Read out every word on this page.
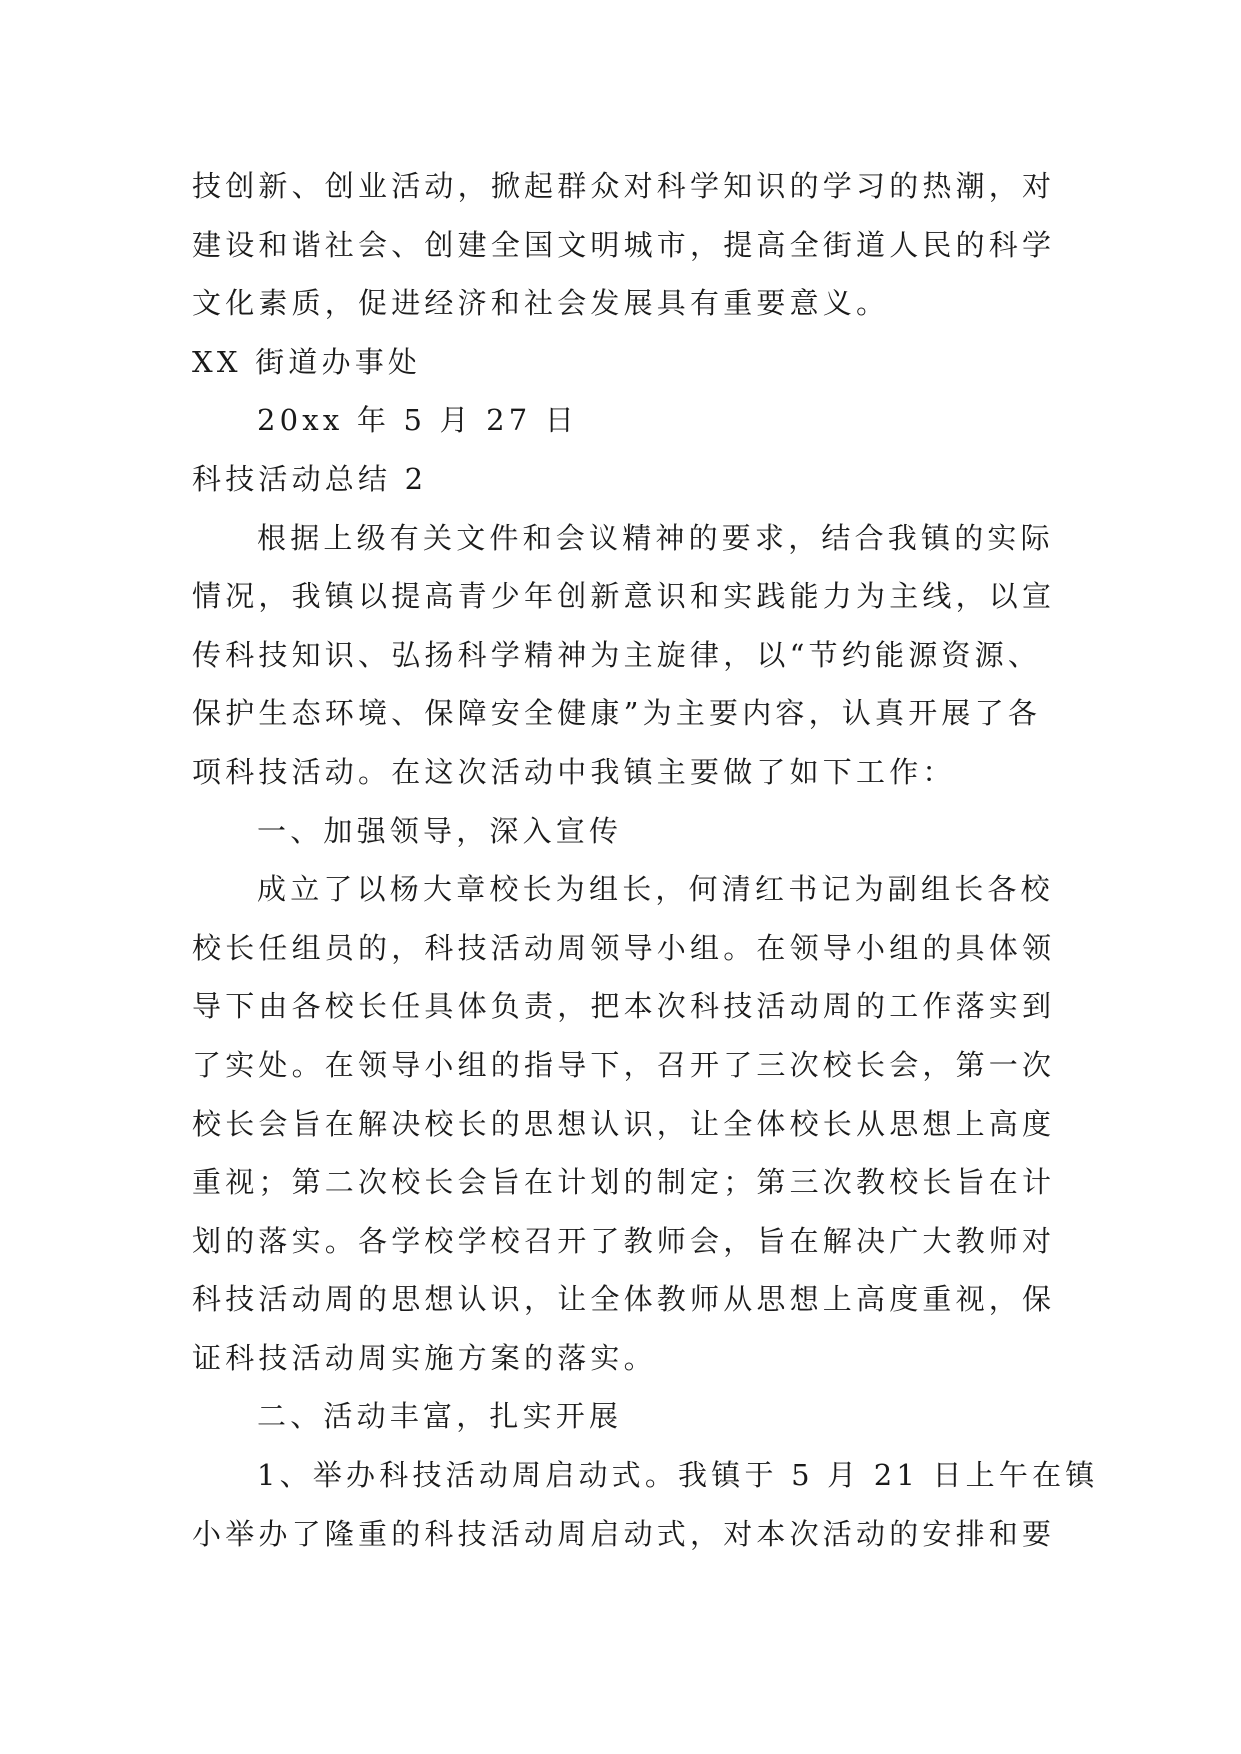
技创新、创业活动，掀起群众对科学知识的学习的热潮，对
建设和谐社会、创建全国文明城市，提高全街道人民的科学
文化素质，促进经济和社会发展具有重要意义。
XX 街道办事处
20xx 年 5 月 27 日
科技活动总结 2
根据上级有关文件和会议精神的要求，结合我镇的实际
情况，我镇以提高青少年创新意识和实践能力为主线，以宣
传科技知识、弘扬科学精神为主旋律，以“节约能源资源、
保护生态环境、保障安全健康”为主要内容，认真开展了各
项科技活动。在这次活动中我镇主要做了如下工作：
一、加强领导，深入宣传
成立了以杨大章校长为组长，何清红书记为副组长各校
校长任组员的，科技活动周领导小组。在领导小组的具体领
导下由各校长任具体负责，把本次科技活动周的工作落实到
了实处。在领导小组的指导下，召开了三次校长会，第一次
校长会旨在解决校长的思想认识，让全体校长从思想上高度
重视；第二次校长会旨在计划的制定；第三次教校长旨在计
划的落实。各学校学校召开了教师会，旨在解决广大教师对
科技活动周的思想认识，让全体教师从思想上高度重视，保
证科技活动周实施方案的落实。
二、活动丰富，扎实开展
1、举办科技活动周启动式。我镇于 5 月 21 日上午在镇
小举办了隆重的科技活动周启动式，对本次活动的安排和要
